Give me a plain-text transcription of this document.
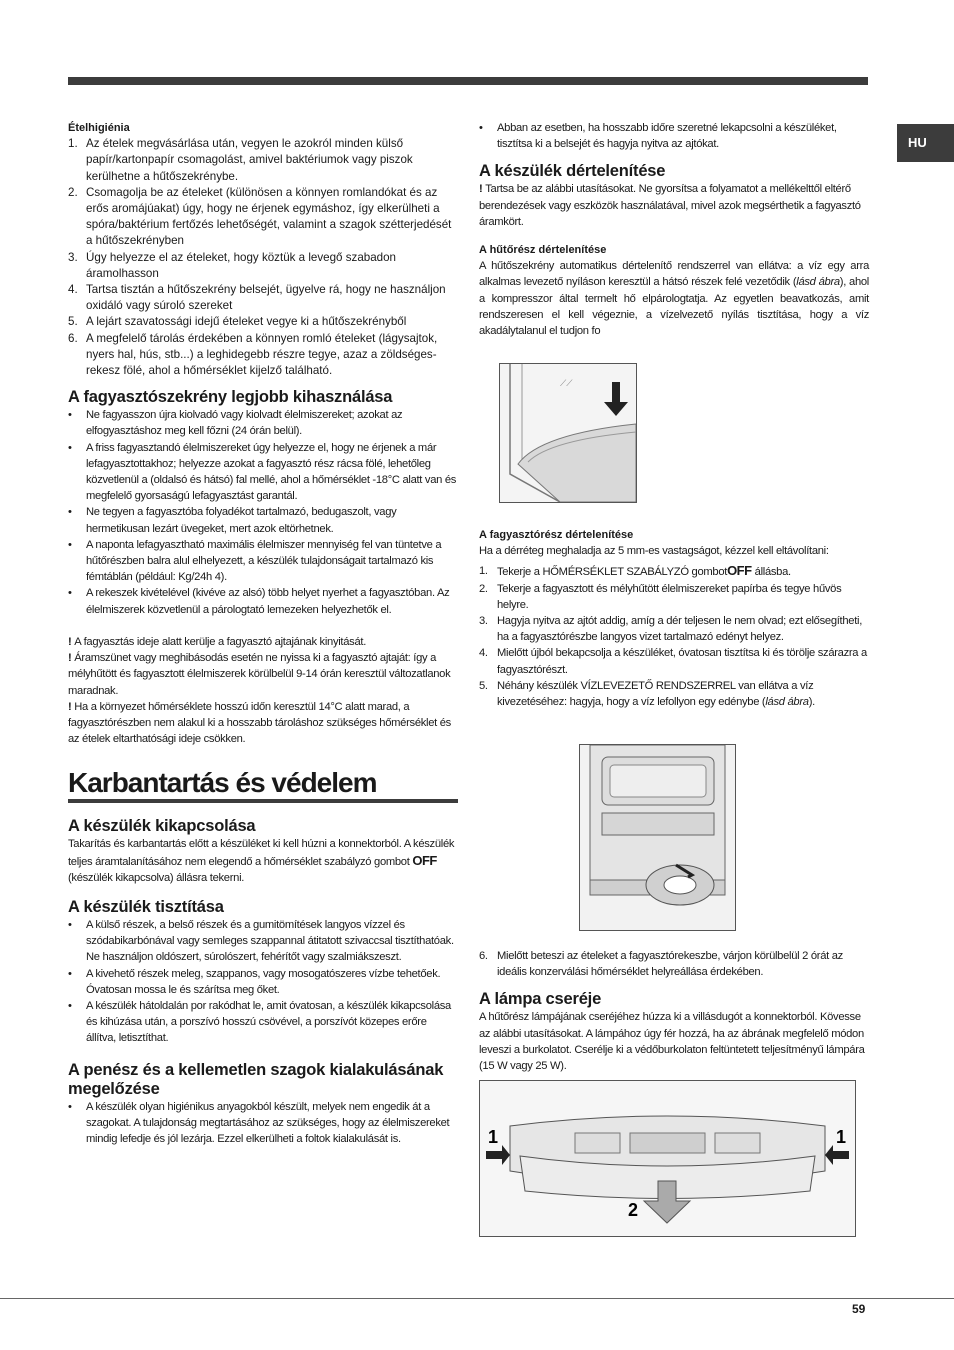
HU

Ételhigiénia

1. Az ételek megvásárlása után, vegyen le azokról minden külső papír/kartonpapír csomagolást, amivel baktériumok vagy piszok kerülhetne a hűtőszekrénybe.
2. Csomagolja be az ételeket (különösen a könnyen romlandókat és az erős aromájúakat) úgy, hogy ne érjenek egymáshoz, így elkerülheti a spóra/baktérium fertőzés lehetőségét, valamint a szagok szétterjedését a hűtőszekrényben
3. Úgy helyezze el az ételeket, hogy köztük a levegő szabadon áramolhasson
4. Tartsa tisztán a hűtőszekrény belsejét, ügyelve rá, hogy ne használjon oxidáló vagy súroló szereket
5. A lejárt szavatossági idejű ételeket vegye ki a hűtőszekrényből
6. A megfelelő tárolás érdekében a könnyen romló ételeket (lágysajtok, nyers hal, hús, stb...) a leghidegebb részre tegye, azaz a zöldséges-rekesz fölé, ahol a hőmérséklet kijelző található.
A fagyasztószekrény legjobb kihasználása
• Ne fagyasszon újra kiolvadó vagy kiolvadt élelmiszereket; azokat az elfogyasztáshoz meg kell főzni (24 órán belül).
• A friss fagyasztandó élelmiszereket úgy helyezze el, hogy ne érjenek a már lefagyasztottakhoz; helyezze azokat a fagyasztó rész rácsa fölé, lehetőleg közvetlenül a (oldalsó és hátsó) fal mellé, ahol a hőmérséklet -18°C alatt van és megfelelő gyorsaságú lefagyasztást garantál.
• Ne tegyen a fagyasztóba folyadékot tartalmazó, bedugaszolt, vagy hermetikusan lezárt üvegeket, mert azok eltörhetnek.
• A naponta lefagyasztható maximális élelmiszer mennyiség fel van tüntetve a hűtőrészben balra alul elhelyezett, a készülék tulajdonságait tartalmazó kis fémtáblán (például: Kg/24h 4).
• A rekeszek kivételével (kivéve az alsó) több helyet nyerhet a fagyasztóban. Az élelmiszerek közvetlenül a párologtató lemezeken helyezhetők el.

! A fagyasztás ideje alatt kerülje a fagyasztó ajtajának kinyitását.

! Áramszünet vagy meghibásodás esetén ne nyissa ki a fagyasztó ajtaját: így a mélyhűtött és fagyasztott élelmiszerek körülbelül 9-14 órán keresztül változatlanok maradnak.

! Ha a környezet hőmérséklete hosszú időn keresztül 14°C alatt marad, a fagyasztórészben nem alakul ki a hosszabb tároláshoz szükséges hőmérséklet és az ételek eltarthatósági ideje csökken.

Karbantartás és védelem
A készülék kikapcsolása

Takarítás és karbantartás előtt a készüléket ki kell húzni a konnektorból. A készülék teljes áramtalanításához nem elegendő a hőmérséklet szabályzó gombot OFF (készülék kikapcsolva) állásra tekerni.

A készülék tisztítása
• A külső részek, a belső részek és a gumitömítések langyos vízzel és szódabikarbónával vagy semleges szappannal átitatott szivaccsal tisztíthatóak. Ne használjon oldószert, súrolószert, fehérítőt vagy szalmiákszeszt.
• A kivehető részek meleg, szappanos, vagy mosogatószeres vízbe tehetőek. Óvatosan mossa le és szárítsa meg őket.
• A készülék hátoldalán por rakódhat le, amit óvatosan, a készülék kikapcsolása és kihúzása után, a porszívó hosszú csövével, a porszívót közepes erőre állítva, letisztíthat.
A penész és a kellemetlen szagok kialakulásának megelőzése
• A készülék olyan higiénikus anyagokból készült, melyek nem engedik át a szagokat. A tulajdonság megtartásához az szükséges, hogy az élelmiszereket mindig lefedje és jól lezárja. Ezzel elkerülheti a foltok kialakulását is.
• Abban az esetben, ha hosszabb időre szeretné lekapcsolni a készüléket, tisztítsa ki a belsejét és hagyja nyitva az ajtókat.
A készülék dértelenítése

! Tartsa be az alábbi utasításokat. Ne gyorsítsa a folyamatot a mellékelttől eltérő berendezések vagy eszközök használatával, mivel azok megsérthetik a fagyasztó áramkört.

A hűtőrész dértelenítése

A hűtőszekrény automatikus dértelenítő rendszerrel van ellátva: a víz egy arra alkalmas levezető nyíláson keresztül a hátsó részek felé vezetődik (lásd ábra), ahol a kompresszor által termelt hő elpárologtatja. Az egyetlen beavatkozás, amit rendszeresen el kell végeznie, a vízelvezető nyílás tisztítása, hogy a víz akadálytalanul el tudjon fo

⟋⟋

A fagyasztórész dértelenítése

Ha a dérréteg meghaladja az 5 mm-es vastagságot, kézzel kell eltávolítani:

1. Tekerje a HŐMÉRSÉKLET SZABÁLYZÓ gombotOFF állásba.
2. Tekerje a fagyasztott és mélyhűtött élelmiszereket papírba és tegye hűvös helyre.
3. Hagyja nyitva az ajtót addig, amíg a dér teljesen le nem olvad; ezt elősegítheti, ha a fagyasztórészbe langyos vizet tartalmazó edényt helyez.
4. Mielőtt újból bekapcsolja a készüléket, óvatosan tisztítsa ki és törölje szárazra a fagyasztórészt.
5. Néhány készülék VÍZLEVEZETŐ RENDSZERREL van ellátva a víz kivezetéséhez: hagyja, hogy a víz lefollyon egy edénybe (lásd ábra).
6. Mielőtt beteszi az ételeket a fagyasztórekeszbe, várjon körülbelül 2 órát az ideális konzerválási hőmérséklet helyreállása érdekében.
A lámpa cseréje

A hűtőrész lámpájának cseréjéhez húzza ki a villásdugót a konnektorból. Kövesse az alábbi utasításokat. A lámpához úgy fér hozzá, ha az ábrának megfelelő módon leveszi a burkolatot. Cserélje ki a védőburkolaton feltüntetett teljesítményű lámpára (15 W vagy 25 W).

1	1
2
59
